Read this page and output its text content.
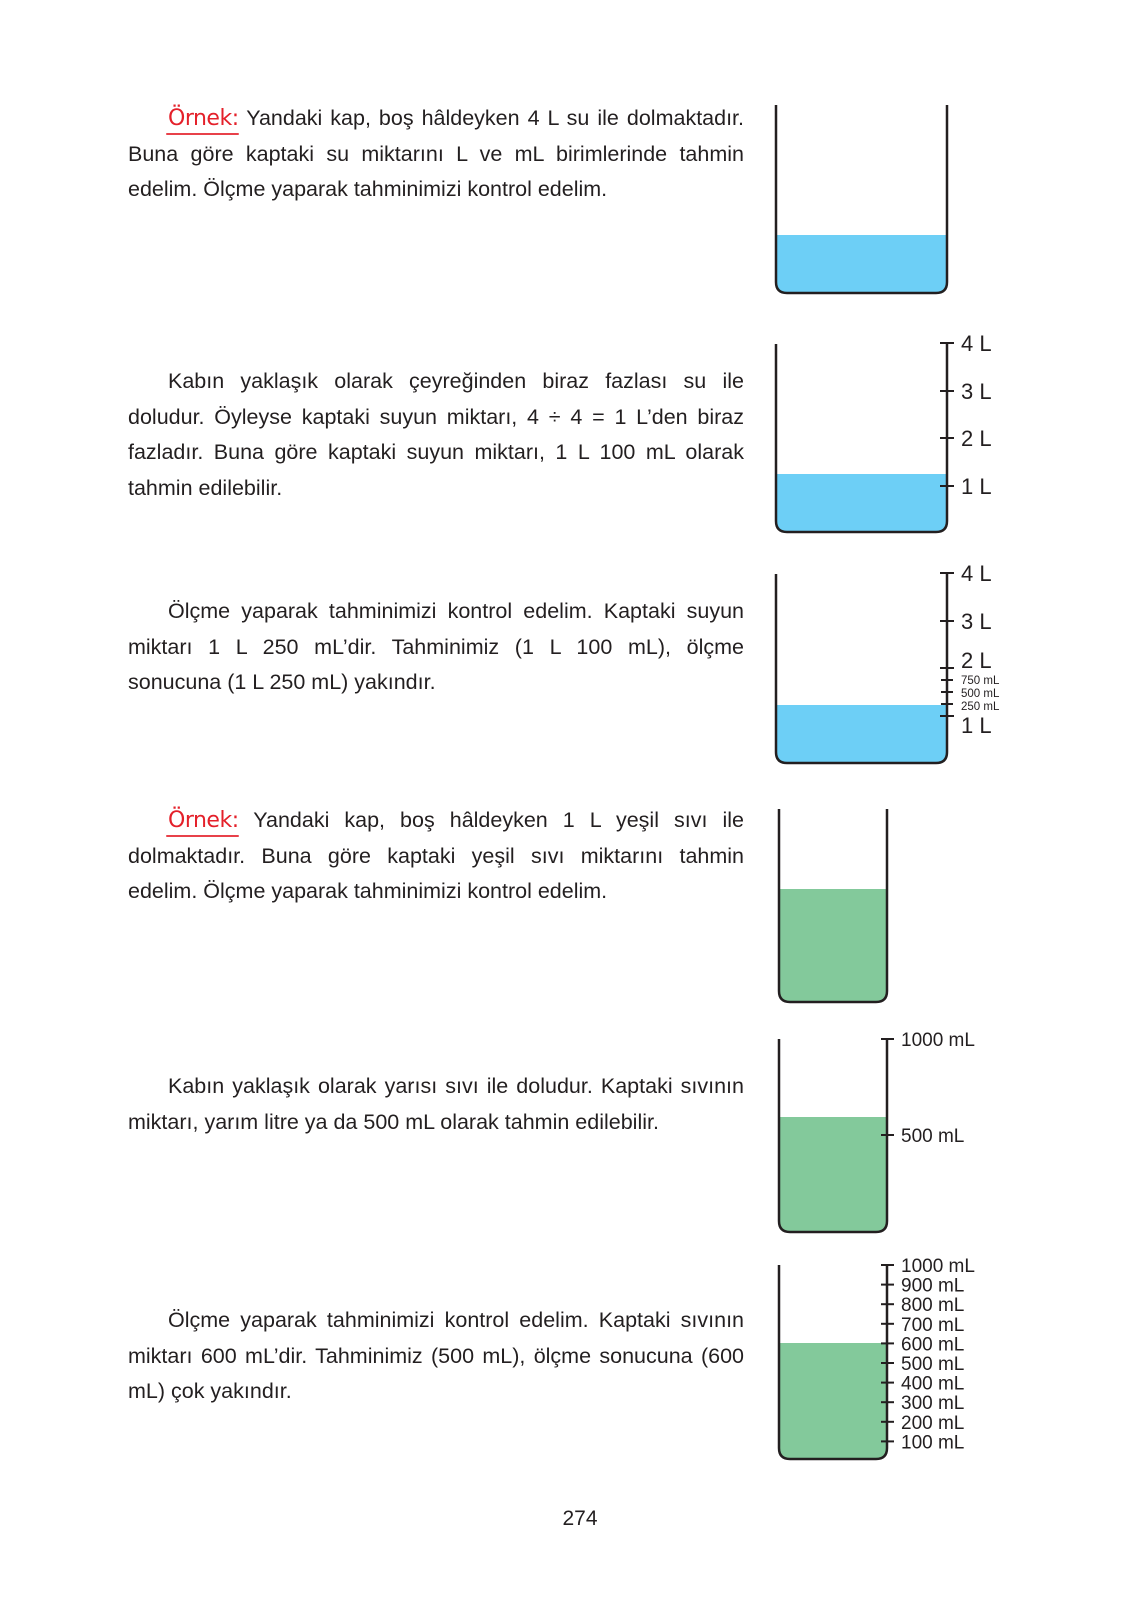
Örnek: Yandaki kap, boş hâldeyken 4 L su ile dolmaktadır. Buna göre kaptaki su miktarını L ve mL birimlerinde tahmin edelim. Ölçme yaparak tahminimizi kontrol edelim.

Kabın yaklaşık olarak çeyreğinden biraz fazlası su ile doludur. Öyleyse kaptaki suyun miktarı, 4 ÷ 4 = 1 L’den biraz fazladır. Buna göre kaptaki suyun miktarı, 1 L 100 mL olarak tahmin edilebilir.

Ölçme yaparak tahminimizi kontrol edelim. Kaptaki suyun miktarı 1 L 250 mL’dir. Tahminimiz (1 L 100 mL), ölçme sonucuna (1 L 250 mL) yakındır.

Örnek: Yandaki kap, boş hâldeyken 1 L yeşil sıvı ile dolmaktadır. Buna göre kaptaki yeşil sıvı miktarını tahmin edelim. Ölçme yaparak tahminimizi kontrol edelim.

Kabın yaklaşık olarak yarısı sıvı ile doludur. Kaptaki sıvının miktarı, yarım litre ya da 500 mL olarak tahmin edilebilir.

Ölçme yaparak tahminimizi kontrol edelim. Kaptaki sıvının miktarı 600 mL’dir. Tahminimiz (500 mL), ölçme sonucuna (600 mL) çok yakındır.

4 L
3 L
2 L
1 L
4 L
3 L
2 L
1 L
750 mL
500 mL
250 mL
1000 mL
500 mL
1000 mL
900 mL
800 mL
700 mL
600 mL
500 mL
400 mL
300 mL
200 mL
100 mL
274
